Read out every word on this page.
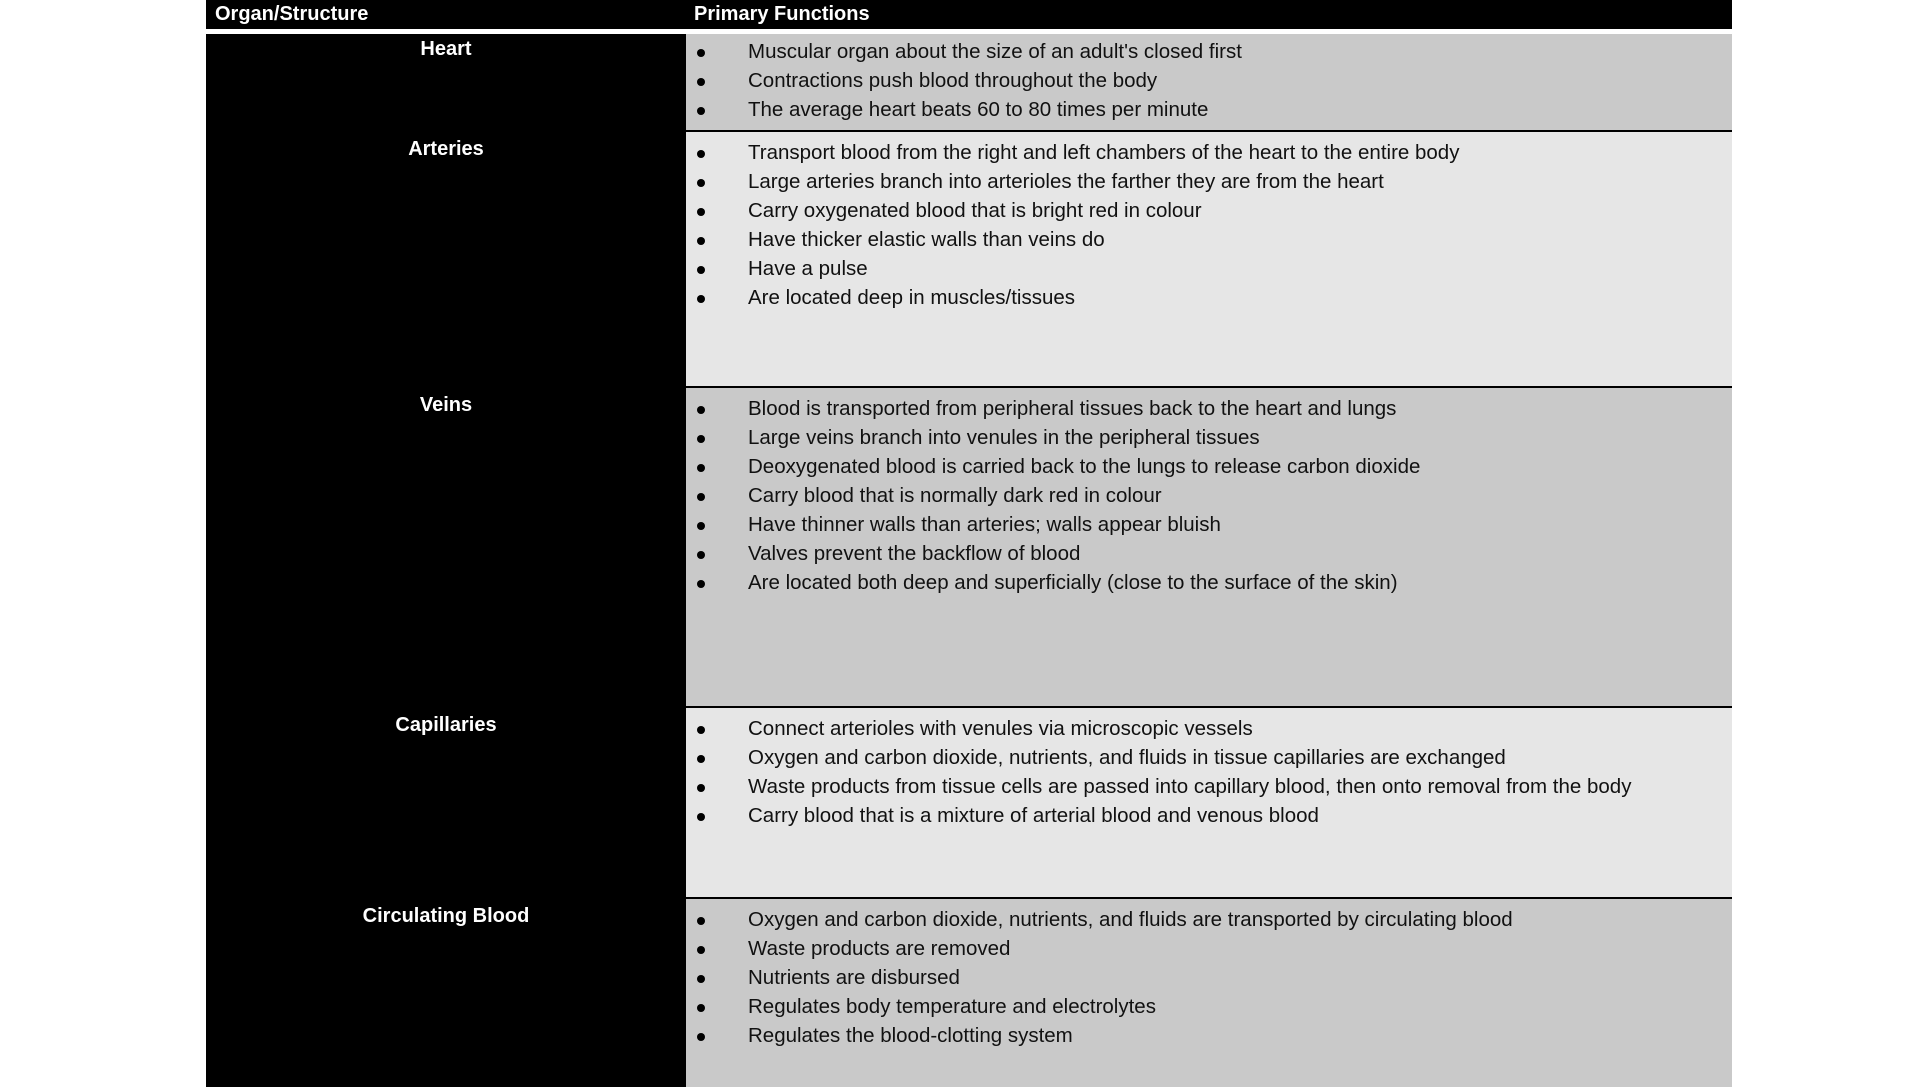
Organ/Structure	Primary Functions
Heart	Muscular organ about the size of an adult's closed first
Contractions push blood throughout the body
The average heart beats 60 to 80 times per minute
Arteries	Transport blood from the right and left chambers of the heart to the entire body
Large arteries branch into arterioles the farther they are from the heart
Carry oxygenated blood that is bright red in colour
Have thicker elastic walls than veins do
Have a pulse
Are located deep in muscles/tissues
Veins	Blood is transported from peripheral tissues back to the heart and lungs
Large veins branch into venules in the peripheral tissues
Deoxygenated blood is carried back to the lungs to release carbon dioxide
Carry blood that is normally dark red in colour
Have thinner walls than arteries; walls appear bluish
Valves prevent the backflow of blood
Are located both deep and superficially (close to the surface of the skin)
Capillaries	Connect arterioles with venules via microscopic vessels
Oxygen and carbon dioxide, nutrients, and fluids in tissue capillaries are exchanged
Waste products from tissue cells are passed into capillary blood, then onto removal from the body
Carry blood that is a mixture of arterial blood and venous blood
Circulating Blood	Oxygen and carbon dioxide, nutrients, and fluids are transported by circulating blood
Waste products are removed
Nutrients are disbursed
Regulates body temperature and electrolytes
Regulates the blood-clotting system
